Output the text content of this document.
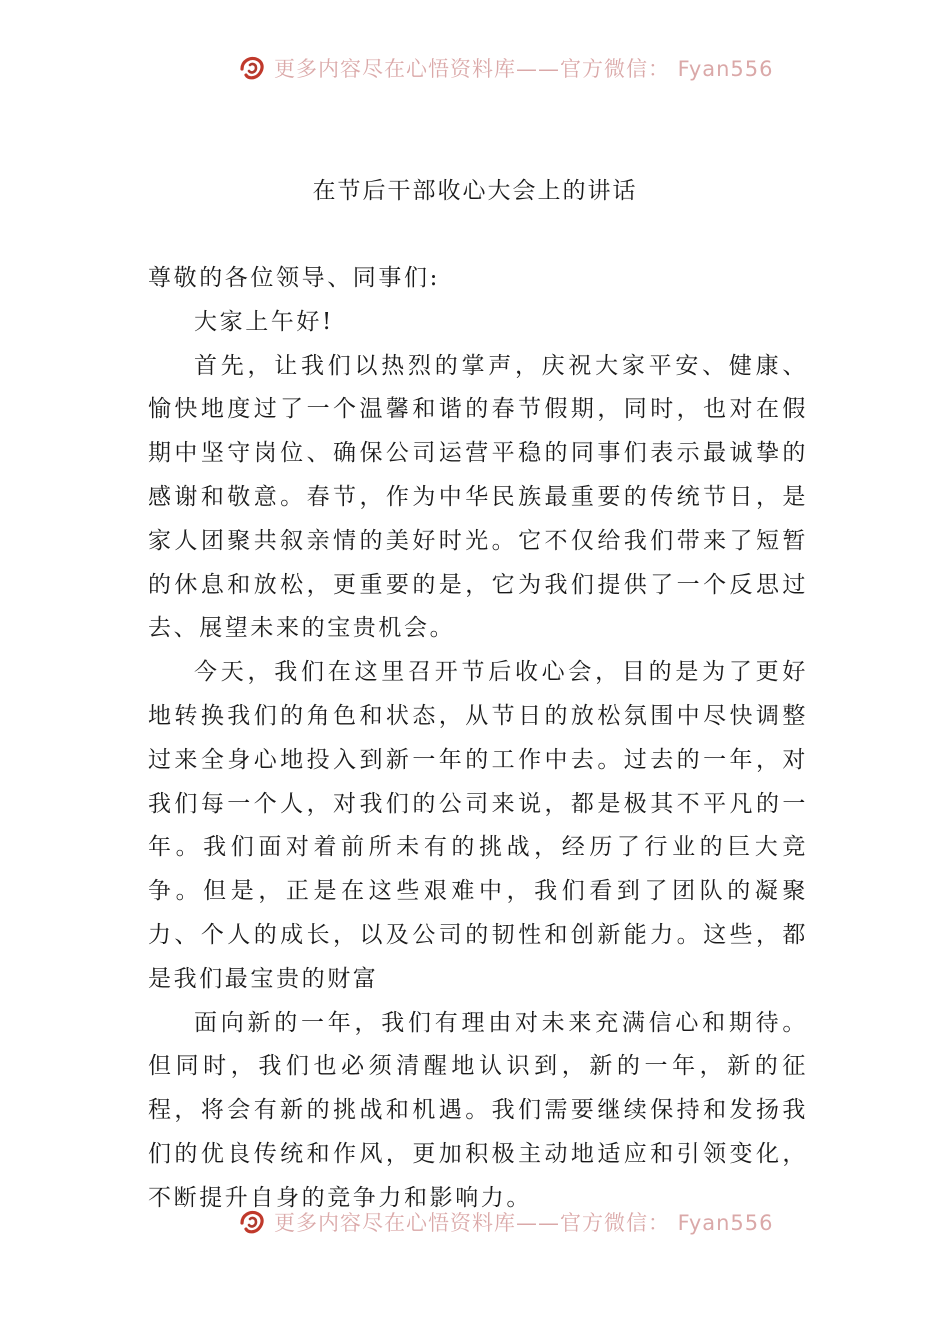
更多内容尽在心悟资料库——官方微信： Fyan556
在节后干部收心大会上的讲话

尊敬的各位领导、同事们:

大家上午好!

首先，让我们以热烈的掌声，庆祝大家平安、健康、愉快地度过了一个温馨和谐的春节假期，同时，也对在假期中坚守岗位、确保公司运营平稳的同事们表示最诚挚的感谢和敬意。春节，作为中华民族最重要的传统节日，是家人团聚共叙亲情的美好时光。它不仅给我们带来了短暂的休息和放松，更重要的是，它为我们提供了一个反思过去、展望未来的宝贵机会。

今天，我们在这里召开节后收心会，目的是为了更好地转换我们的角色和状态，从节日的放松氛围中尽快调整过来全身心地投入到新一年的工作中去。过去的一年，对我们每一个人，对我们的公司来说，都是极其不平凡的一年。我们面对着前所未有的挑战，经历了行业的巨大竞争。但是，正是在这些艰难中，我们看到了团队的凝聚力、个人的成长，以及公司的韧性和创新能力。这些，都是我们最宝贵的财富

面向新的一年，我们有理由对未来充满信心和期待。但同时，我们也必须清醒地认识到，新的一年，新的征程，将会有新的挑战和机遇。我们需要继续保持和发扬我们的优良传统和作风，更加积极主动地适应和引领变化，不断提升自身的竞争力和影响力。

更多内容尽在心悟资料库——官方微信： Fyan556
